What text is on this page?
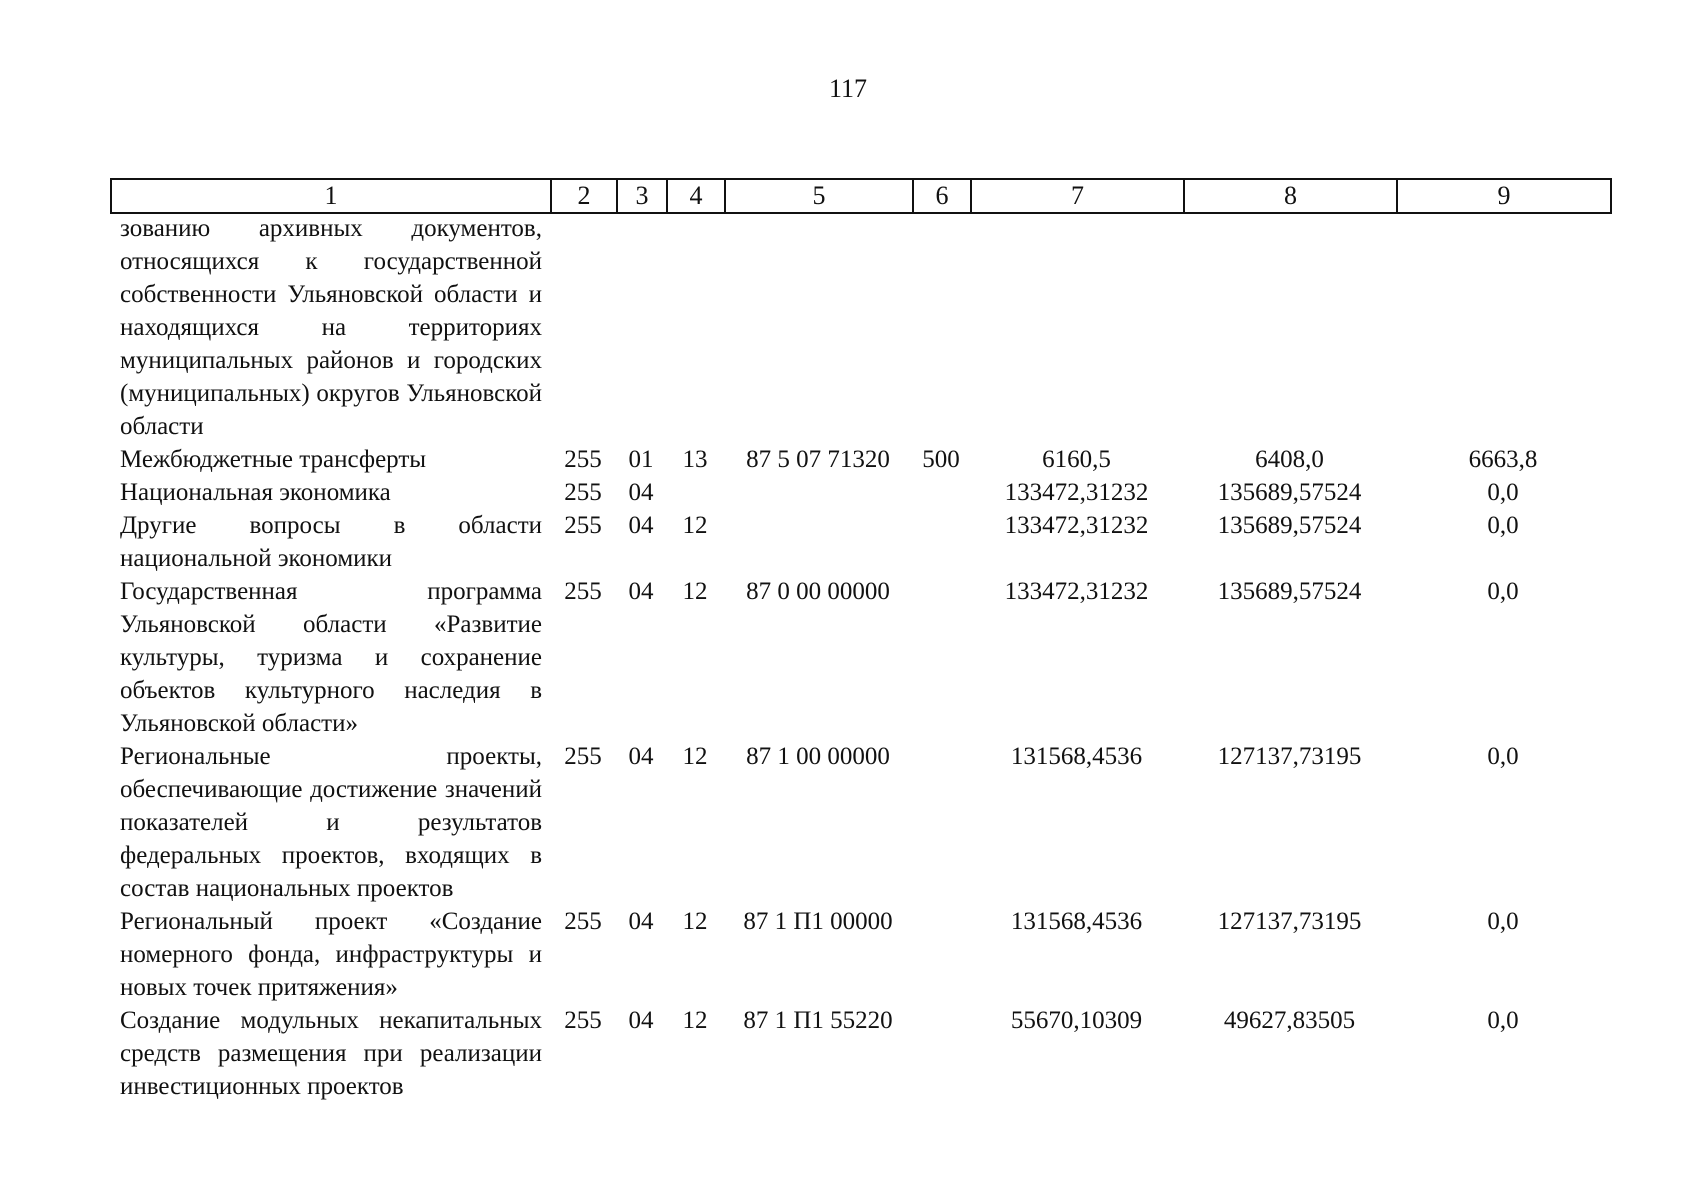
117
1	2	3	4	5	6	7	8	9
зованию архивных документов, относящихся к государственной собственности Ульяновской области и находящихся на территориях муниципальных районов и городских (муниципальных) округов Ульяновской области								
Межбюджетные трансферты	255	01	13	87 5 07 71320	500	6160,5	6408,0	6663,8
Национальная экономика	255	04				133472,31232	135689,57524	0,0
Другие вопросы в области национальной экономики	255	04	12			133472,31232	135689,57524	0,0
Государственная программа Ульяновской области «Развитие культуры, туризма и сохранение объектов культурного наследия в Ульяновской области»	255	04	12	87 0 00 00000		133472,31232	135689,57524	0,0
Региональные проекты, обеспечивающие достижение значений показателей и результатов федеральных проектов, входящих в состав национальных проектов	255	04	12	87 1 00 00000		131568,4536	127137,73195	0,0
Региональный проект «Создание номерного фонда, инфраструктуры и новых точек притяжения»	255	04	12	87 1 П1 00000		131568,4536	127137,73195	0,0
Создание модульных некапитальных средств размещения при реализации инвестиционных проектов	255	04	12	87 1 П1 55220		55670,10309	49627,83505	0,0
